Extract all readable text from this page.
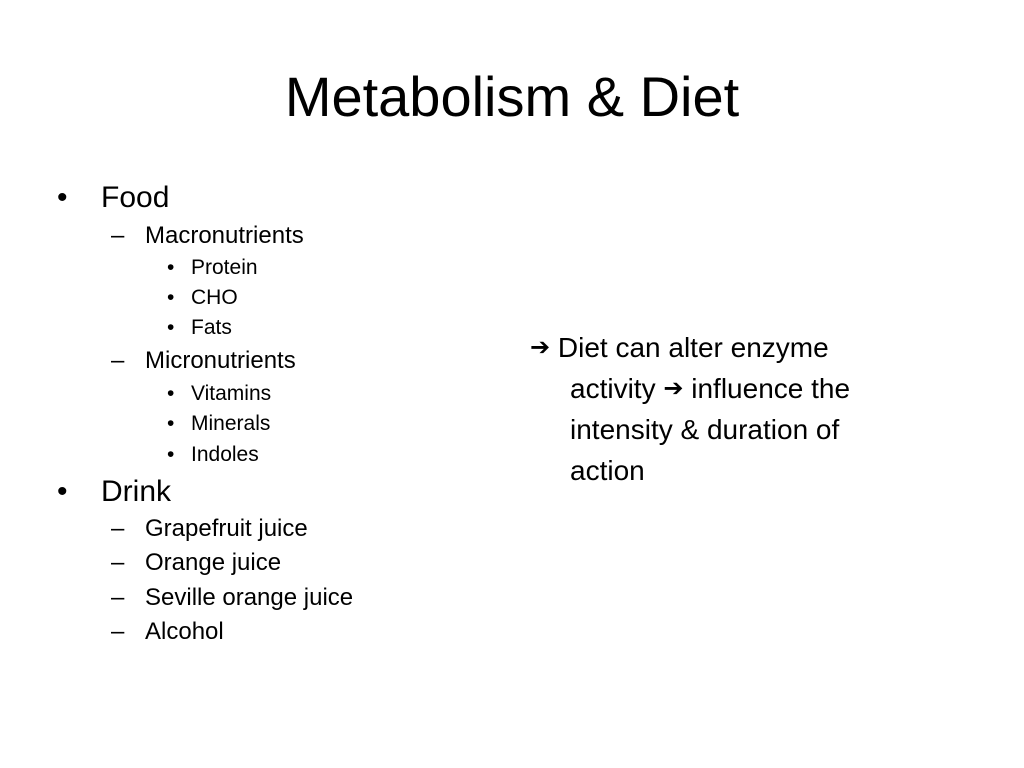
Metabolism & Diet
• Food
– Macronutrients
• Protein
• CHO
• Fats
– Micronutrients
• Vitamins
• Minerals
• Indoles
• Drink
– Grapefruit juice
– Orange juice
– Seville orange juice
– Alcohol
➔ Diet can alter enzyme
activity ➔ influence the
intensity & duration of
action
